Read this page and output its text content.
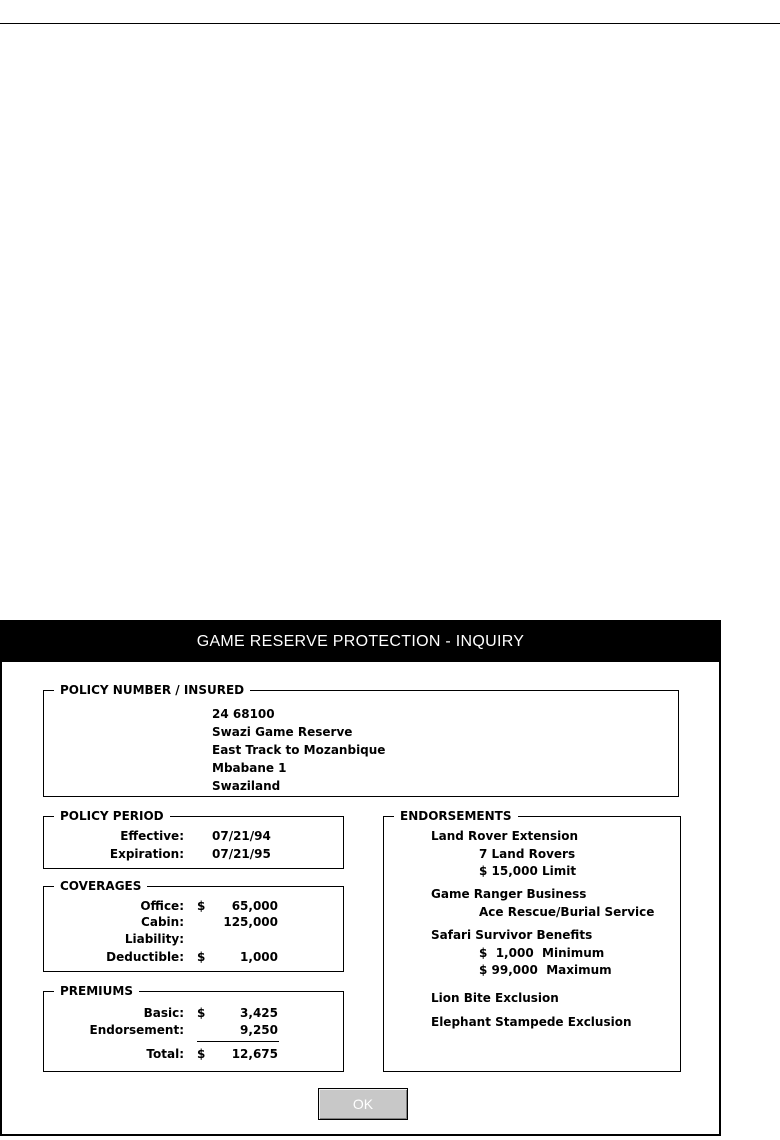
GAME RESERVE PROTECTION - INQUIRY
POLICY NUMBER / INSURED
24 68100
Swazi Game Reserve
East Track to Mozanbique
Mbabane 1
Swaziland
POLICY PERIOD
Effective: 07/21/94
Expiration: 07/21/95
COVERAGES
Office: $	65,000
Cabin:	125,000
Liability:
Deductible: $	1,000
PREMIUMS
Basic: $	3,425
Endorsement:	9,250
Total: $	12,675
ENDORSEMENTS
Land Rover Extension
7 Land Rovers
$ 15,000 Limit
Game Ranger Business
Ace Rescue/Burial Service
Safari Survivor Benefits
$  1,000  Minimum
$ 99,000  Maximum
Lion Bite Exclusion
Elephant Stampede Exclusion
OK
